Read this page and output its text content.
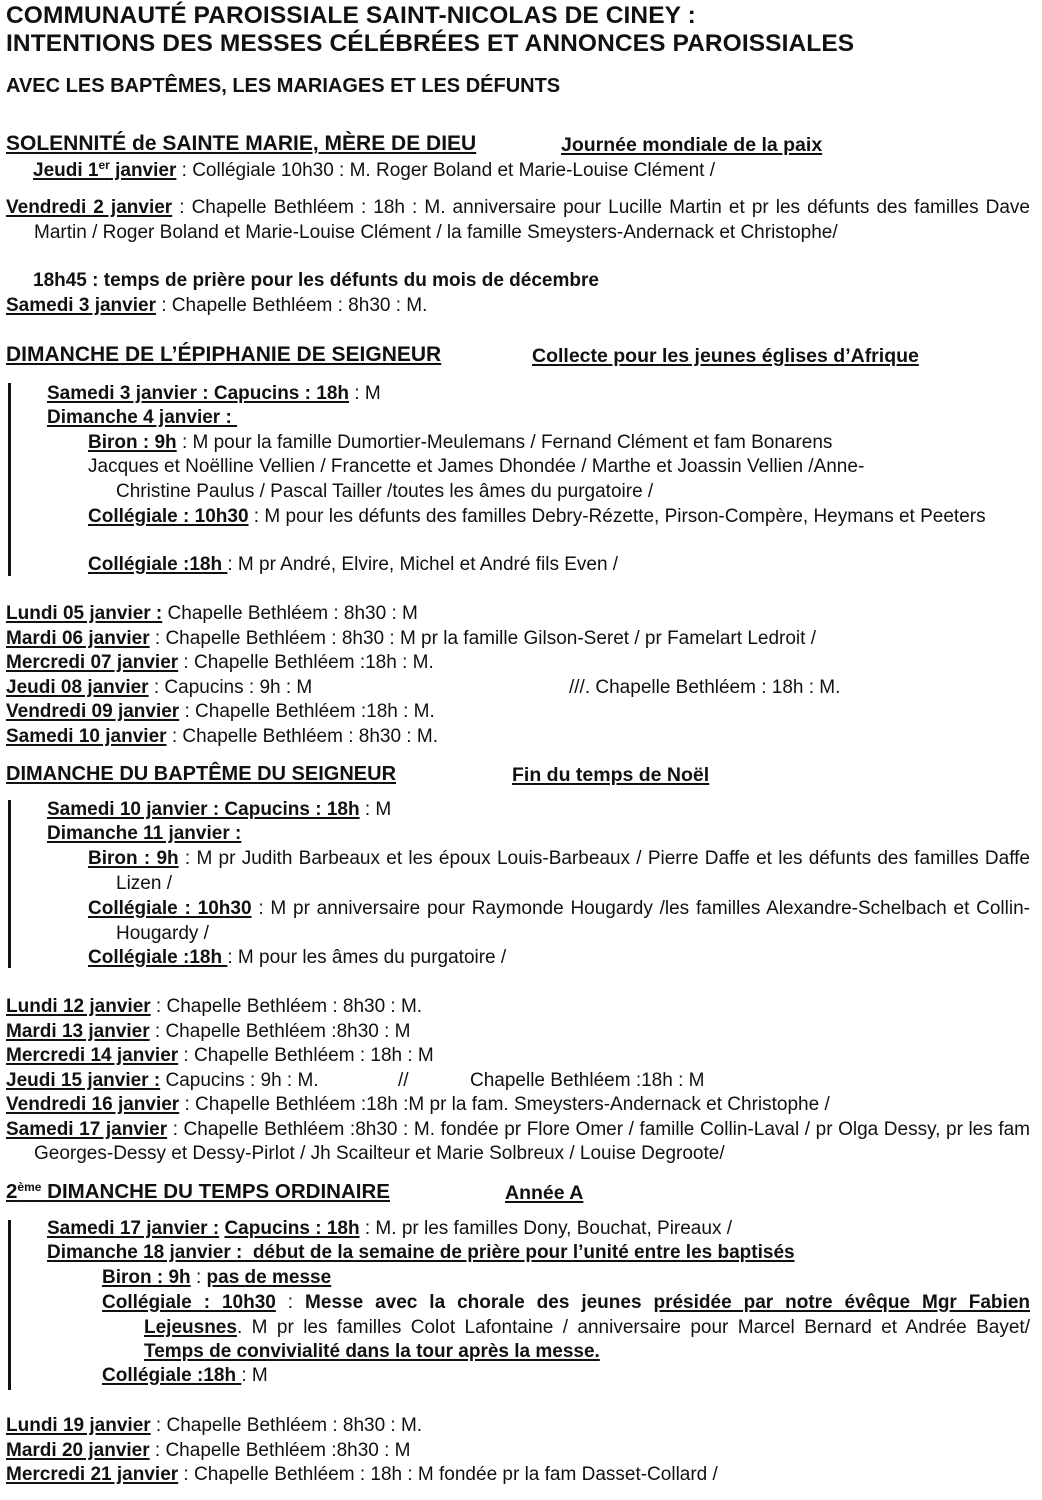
COMMUNAUTÉ PAROISSIALE SAINT-NICOLAS DE CINEY :
INTENTIONS DES MESSES CÉLÉBRÉES ET ANNONCES PAROISSIALES
AVEC LES BAPTÊMES, LES MARIAGES ET LES DÉFUNTS
SOLENNITÉ de SAINTE MARIE, MÈRE DE DIEU	Journée mondiale de la paix
Jeudi 1er janvier : Collégiale 10h30 : M. Roger Boland et Marie-Louise Clément /
Vendredi 2 janvier : Chapelle Bethléem : 18h : M. anniversaire pour Lucille Martin et pr les défunts des familles Dave Martin / Roger Boland et Marie-Louise Clément / la famille Smeysters-Andernack et Christophe/
18h45 : temps de prière pour les défunts du mois de décembre
Samedi 3 janvier : Chapelle Bethléem : 8h30 : M.
DIMANCHE DE L’ÉPIPHANIE DE SEIGNEUR	Collecte pour les jeunes églises d’Afrique
Samedi 3 janvier : Capucins : 18h : M
Dimanche 4 janvier :
Biron : 9h : M pour la famille Dumortier-Meulemans / Fernand Clément et fam Bonarens
Jacques et Noëlline Vellien / Francette et James Dhondée / Marthe et Joassin Vellien /Anne-
Christine Paulus / Pascal Tailler /toutes les âmes du purgatoire /
Collégiale : 10h30 : M pour les défunts des familles Debry-Rézette, Pirson-Compère, Heymans et Peeters
Collégiale :18h : M pr André, Elvire, Michel et André fils Even /
Lundi 05 janvier : Chapelle Bethléem : 8h30 : M
Mardi 06 janvier : Chapelle Bethléem : 8h30 : M pr la famille Gilson-Seret / pr Famelart Ledroit /
Mercredi 07 janvier : Chapelle Bethléem :18h : M.
Jeudi 08 janvier : Capucins : 9h : M	///. Chapelle Bethléem : 18h : M.
Vendredi 09 janvier : Chapelle Bethléem :18h : M.
Samedi 10 janvier : Chapelle Bethléem : 8h30 : M.
DIMANCHE DU BAPTÊME DU SEIGNEUR	Fin du temps de Noël
Samedi 10 janvier : Capucins : 18h : M
Dimanche 11 janvier :
Biron : 9h : M pr Judith Barbeaux et les époux Louis-Barbeaux / Pierre Daffe et les défunts des familles Daffe Lizen /
Collégiale : 10h30 : M pr anniversaire pour Raymonde Hougardy /les familles Alexandre-Schelbach et Collin-Hougardy /
Collégiale :18h : M pour les âmes du purgatoire /
Lundi 12 janvier : Chapelle Bethléem : 8h30 : M.
Mardi 13 janvier : Chapelle Bethléem :8h30 : M
Mercredi 14 janvier : Chapelle Bethléem : 18h : M
Jeudi 15 janvier : Capucins : 9h : M.	//	Chapelle Bethléem :18h : M
Vendredi 16 janvier : Chapelle Bethléem :18h :M pr la fam. Smeysters-Andernack et Christophe /
Samedi 17 janvier : Chapelle Bethléem :8h30 : M. fondée pr Flore Omer / famille Collin-Laval / pr Olga Dessy, pr les fam Georges-Dessy et Dessy-Pirlot / Jh Scailteur et Marie Solbreux / Louise Degroote/
2ème DIMANCHE DU TEMPS ORDINAIRE	Année A
Samedi 17 janvier : Capucins : 18h : M. pr les familles Dony, Bouchat, Pireaux /
Dimanche 18 janvier :  début de la semaine de prière pour l’unité entre les baptisés
Biron : 9h : pas de messe
Collégiale : 10h30 : Messe avec la chorale des jeunes présidée par notre évêque Mgr Fabien Lejeusnes. M pr les familles Colot Lafontaine / anniversaire pour Marcel Bernard et Andrée Bayet/ Temps de convivialité dans la tour après la messe.
Collégiale :18h : M
Lundi 19 janvier : Chapelle Bethléem : 8h30 : M.
Mardi 20 janvier : Chapelle Bethléem :8h30 : M
Mercredi 21 janvier : Chapelle Bethléem : 18h : M fondée pr la fam Dasset-Collard /
